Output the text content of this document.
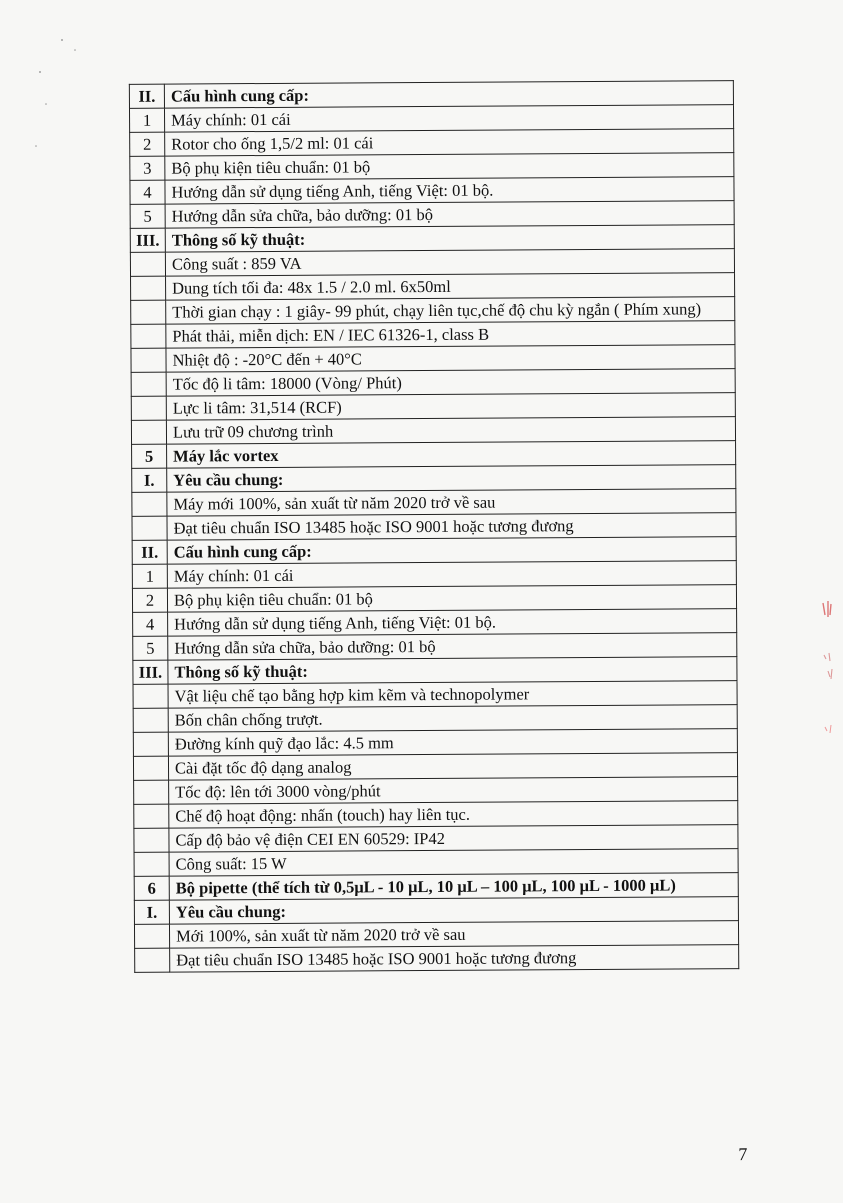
II.	Cấu hình cung cấp:
1	Máy chính: 01 cái
2	Rotor cho ống 1,5/2 ml: 01 cái
3	Bộ phụ kiện tiêu chuẩn: 01 bộ
4	Hướng dẫn sử dụng tiếng Anh, tiếng Việt: 01 bộ.
5	Hướng dẫn sửa chữa, bảo dưỡng: 01 bộ
III.	Thông số kỹ thuật:
	Công suất : 859 VA
	Dung tích tối đa: 48x 1.5 / 2.0 ml. 6x50ml
	Thời gian chạy : 1 giây- 99 phút, chạy liên tục,chế độ chu kỳ ngắn ( Phím xung)
	Phát thải, miễn dịch: EN / IEC 61326-1, class B
	Nhiệt độ : -20°C đến + 40°C
	Tốc độ li tâm: 18000 (Vòng/ Phút)
	Lực li tâm: 31,514 (RCF)
	Lưu trữ 09 chương trình
5	Máy lắc vortex
I.	Yêu cầu chung:
	Máy mới 100%, sản xuất từ năm 2020 trở về sau
	Đạt tiêu chuẩn ISO 13485 hoặc ISO 9001 hoặc tương đương
II.	Cấu hình cung cấp:
1	Máy chính: 01 cái
2	Bộ phụ kiện tiêu chuẩn: 01 bộ
4	Hướng dẫn sử dụng tiếng Anh, tiếng Việt: 01 bộ.
5	Hướng dẫn sửa chữa, bảo dưỡng: 01 bộ
III.	Thông số kỹ thuật:
	Vật liệu chế tạo bằng hợp kim kẽm và technopolymer
	Bốn chân chống trượt.
	Đường kính quỹ đạo lắc: 4.5 mm
	Cài đặt tốc độ dạng analog
	Tốc độ: lên tới 3000 vòng/phút
	Chế độ hoạt động: nhấn (touch) hay liên tục.
	Cấp độ bảo vệ điện CEI EN 60529: IP42
	Công suất: 15 W
6	Bộ pipette (thể tích từ 0,5μL - 10 μL, 10 μL – 100 μL, 100 μL - 1000 μL)
I.	Yêu cầu chung:
	Mới 100%, sản xuất từ năm 2020 trở về sau
	Đạt tiêu chuẩn ISO 13485 hoặc ISO 9001 hoặc tương đương
7
